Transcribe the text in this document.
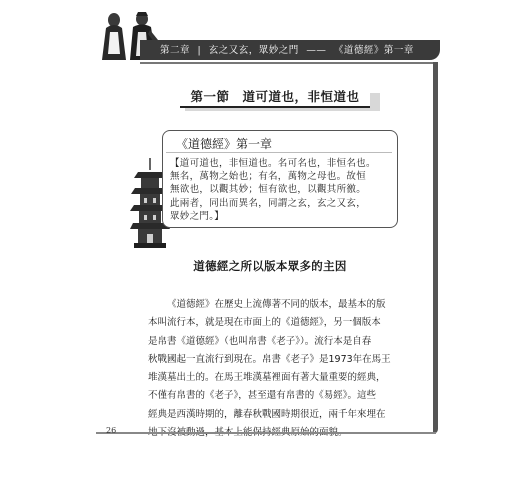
第二章 | 玄之又玄，眾妙之門 —— 《道德經》第一章
第一節　道可道也，非恒道也
《道德經》第一章
【道可道也，非恒道也。名可名也，非恒名也。
無名，萬物之始也；有名，萬物之母也。故恒
無欲也，以觀其妙；恒有欲也，以觀其所徼。
此兩者，同出而異名，同謂之玄，玄之又玄，
眾妙之門。】
道德經之所以版本眾多的主因
《道德經》在歷史上流傳著不同的版本，最基本的版
本叫流行本，就是現在市面上的《道德經》，另一個版本
是帛書《道德經》（也叫帛書《老子》）。流行本是自春
秋戰國起一直流行到現在。帛書《老子》是1973年在馬王
堆漢墓出土的。在馬王堆漢墓裡面有著大量重要的經典，
不僅有帛書的《老子》，甚至還有帛書的《易經》。這些
經典是西漢時期的，離春秋戰國時期很近，兩千年來埋在
26
